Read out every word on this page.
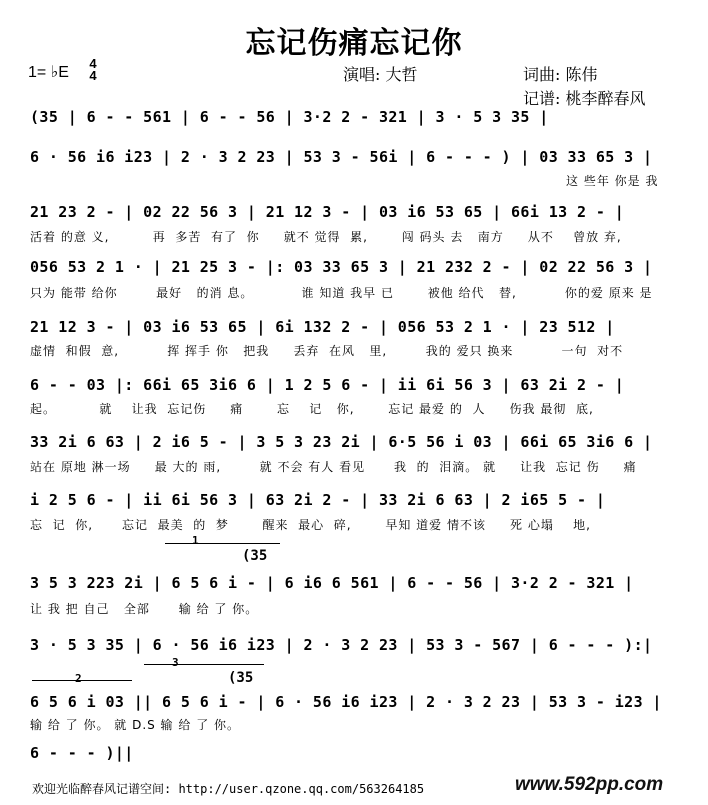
忘记伤痛忘记你
1= ♭E
4
4	演唱: 大哲	词曲: 陈伟
记谱: 桃李醉春风
(35 | 6 - - 561 | 6 - - 56 | 3·2 2 - 321 | 3 · 5 3 35 |
6 · 56 i6 i23 | 2 · 3 2 23 | 53 3 - 56i | 6 - - - ) | 03 33 65 3 |
这 些年 你是 我
21 23 2 - | 02 22 56 3 | 21 12 3 - | 03 i6 53 65 | 66i 13 2 - |
活着 的意 义,         再  多苦  有了  你     就不 觉得  累,       闯 码头 去   南方     从不    曾放 弃,
056 53 2 1 · | 21 25 3 - |: 03 33 65 3 | 21 232 2 - | 02 22 56 3 |
只为 能带 给你        最好   的消 息。          谁 知道 我早 已       被他 给代   替,          你的爱 原来 是
21 12 3 - | 03 i6 53 65 | 6i 132 2 - | 056 53 2 1 · | 23 512 |
虚情  和假  意,          挥 挥手 你   把我     丢弃  在风   里,        我的 爱只 换来          一句  对不
6 - - 03 |: 66i 65 3i6 6 | 1 2 5 6 - | ii 6i 56 3 | 63 2i 2 - |
起。         就    让我  忘记伤     痛       忘    记   你,       忘记 最爱 的  人     伤我 最彻  底,
33 2i 6 63 | 2 i6 5 - | 3 5 3 23 2i | 6·5 56 i 03 | 66i 65 3i6 6 |
站在 原地 淋一场     最 大的 雨,        就 不会 有人 看见      我  的  泪滴。 就     让我  忘记 伤     痛
i 2 5 6 - | ii 6i 56 3 | 63 2i 2 - | 33 2i 6 63 | 2 i65 5 - |
忘  记  你,      忘记  最美  的  梦       醒来  最心  碎,       早知 道爱 情不该     死 心塌    地,
1
(35
3 5 3 223 2i | 6 5 6 i - | 6 i6 6 561 | 6 - - 56 | 3·2 2 - 321 |
让 我 把 自己   全部      输 给 了 你。
3 · 5 3 35 | 6 · 56 i6 i23 | 2 · 3 2 23 | 53 3 - 567 | 6 - - - ):|
2
3
(35
6 5 6 i 03 || 6 5 6 i - | 6 · 56 i6 i23 | 2 · 3 2 23 | 53 3 - i23 |
输 给 了 你。 就 D.S 输 给 了 你。
6 - - - )||
欢迎光临醉春风记谱空间: http://user.qzone.qq.com/563264185	www.592pp.com
